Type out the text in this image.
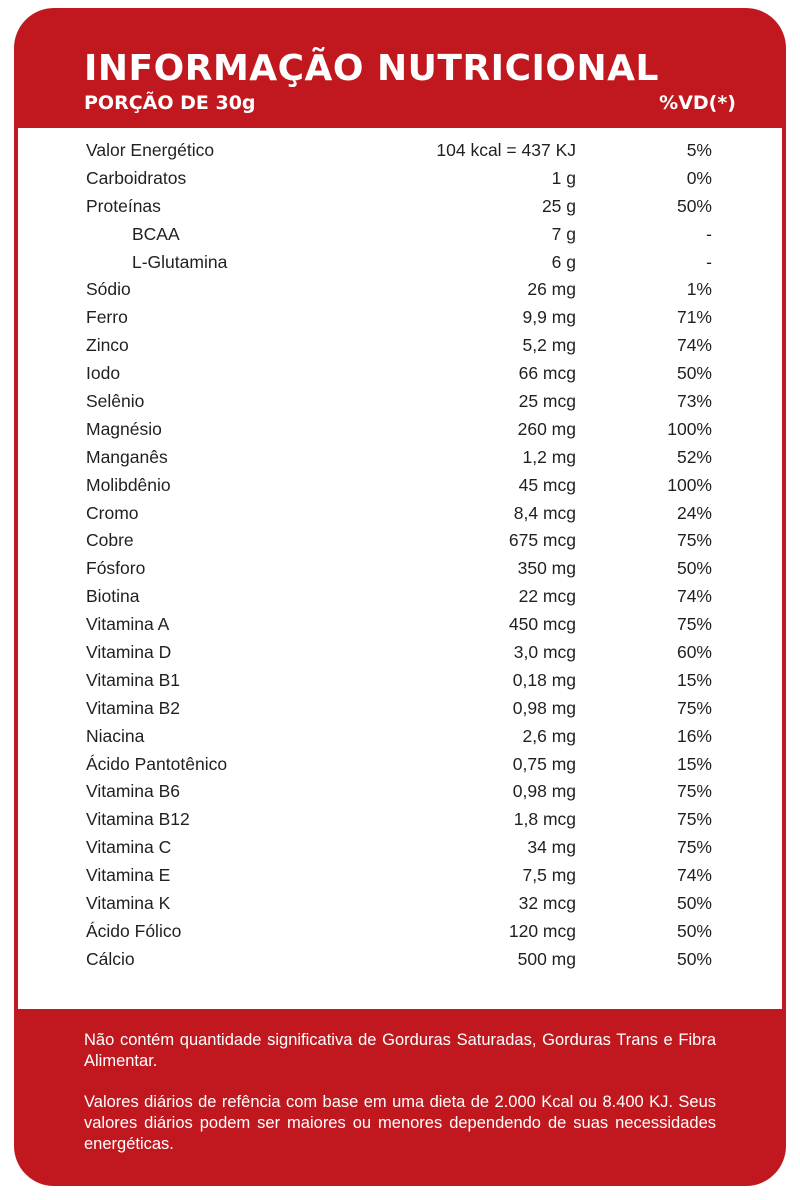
INFORMAÇÃO NUTRICIONAL
PORÇÃO DE 30g	%VD(*)
Valor Energético	104 kcal = 437 KJ	5%
Carboidratos	1 g	0%
Proteínas	25 g	50%
BCAA	7 g	-
L-Glutamina	6 g	-
Sódio	26 mg	1%
Ferro	9,9 mg	71%
Zinco	5,2 mg	74%
Iodo	66 mcg	50%
Selênio	25 mcg	73%
Magnésio	260 mg	100%
Manganês	1,2 mg	52%
Molibdênio	45 mcg	100%
Cromo	8,4 mcg	24%
Cobre	675 mcg	75%
Fósforo	350 mg	50%
Biotina	22 mcg	74%
Vitamina A	450 mcg	75%
Vitamina D	3,0 mcg	60%
Vitamina B1	0,18 mg	15%
Vitamina B2	0,98 mg	75%
Niacina	2,6 mg	16%
Ácido Pantotênico	0,75 mg	15%
Vitamina B6	0,98 mg	75%
Vitamina B12	1,8 mcg	75%
Vitamina C	34 mg	75%
Vitamina E	7,5 mg	74%
Vitamina K	32 mcg	50%
Ácido Fólico	120 mcg	50%
Cálcio	500 mg	50%

Não contém quantidade significativa de Gorduras Saturadas, Gorduras Trans e Fibra Alimentar.

Valores diários de refência com base em uma dieta de 2.000 Kcal ou 8.400 KJ. Seus valores diários podem ser maiores ou menores dependendo de suas necessidades energéticas.
